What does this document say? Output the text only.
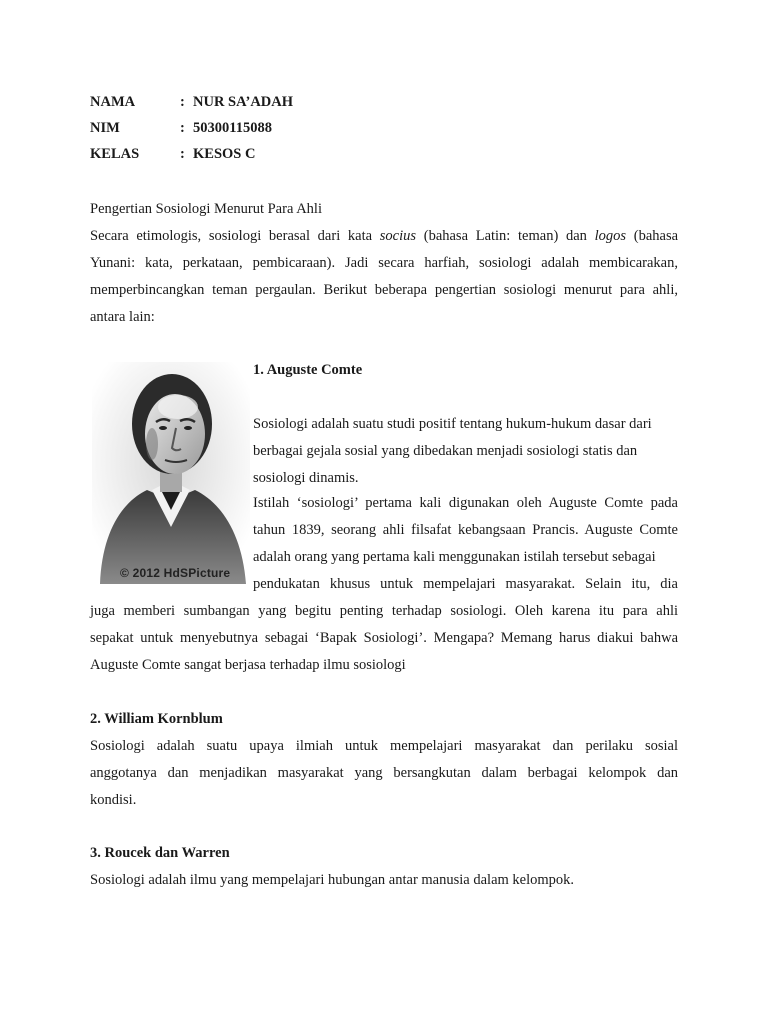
NAMA	: NUR SA’ADAH
NIM	: 50300115088
KELAS	: KESOS C
Pengertian Sosiologi Menurut Para Ahli
Secara etimologis, sosiologi berasal dari kata socius (bahasa Latin: teman) dan logos (bahasa
Yunani: kata, perkataan, pembicaraan). Jadi secara harfiah, sosiologi adalah membicarakan,
memperbincangkan teman pergaulan. Berikut beberapa pengertian sosiologi menurut para ahli,
antara lain:
© 2012 HdSPicture
1. Auguste Comte
Sosiologi adalah suatu studi positif tentang hukum-hukum dasar dari
berbagai gejala sosial yang dibedakan menjadi sosiologi statis dan
sosiologi dinamis.
Istilah ‘sosiologi’ pertama kali digunakan oleh Auguste Comte pada
tahun 1839, seorang ahli filsafat kebangsaan Prancis. Auguste Comte
adalah orang yang pertama kali menggunakan istilah tersebut sebagai
pendukatan khusus untuk mempelajari masyarakat. Selain itu, dia
juga memberi sumbangan yang begitu penting terhadap sosiologi. Oleh karena itu para ahli
sepakat untuk menyebutnya sebagai ‘Bapak Sosiologi’. Mengapa? Memang harus diakui bahwa
Auguste Comte sangat berjasa terhadap ilmu sosiologi
2. William Kornblum
Sosiologi adalah suatu upaya ilmiah untuk mempelajari masyarakat dan perilaku sosial
anggotanya dan menjadikan masyarakat yang bersangkutan dalam berbagai kelompok dan
kondisi.
3. Roucek dan Warren
Sosiologi adalah ilmu yang mempelajari hubungan antar manusia dalam kelompok.
